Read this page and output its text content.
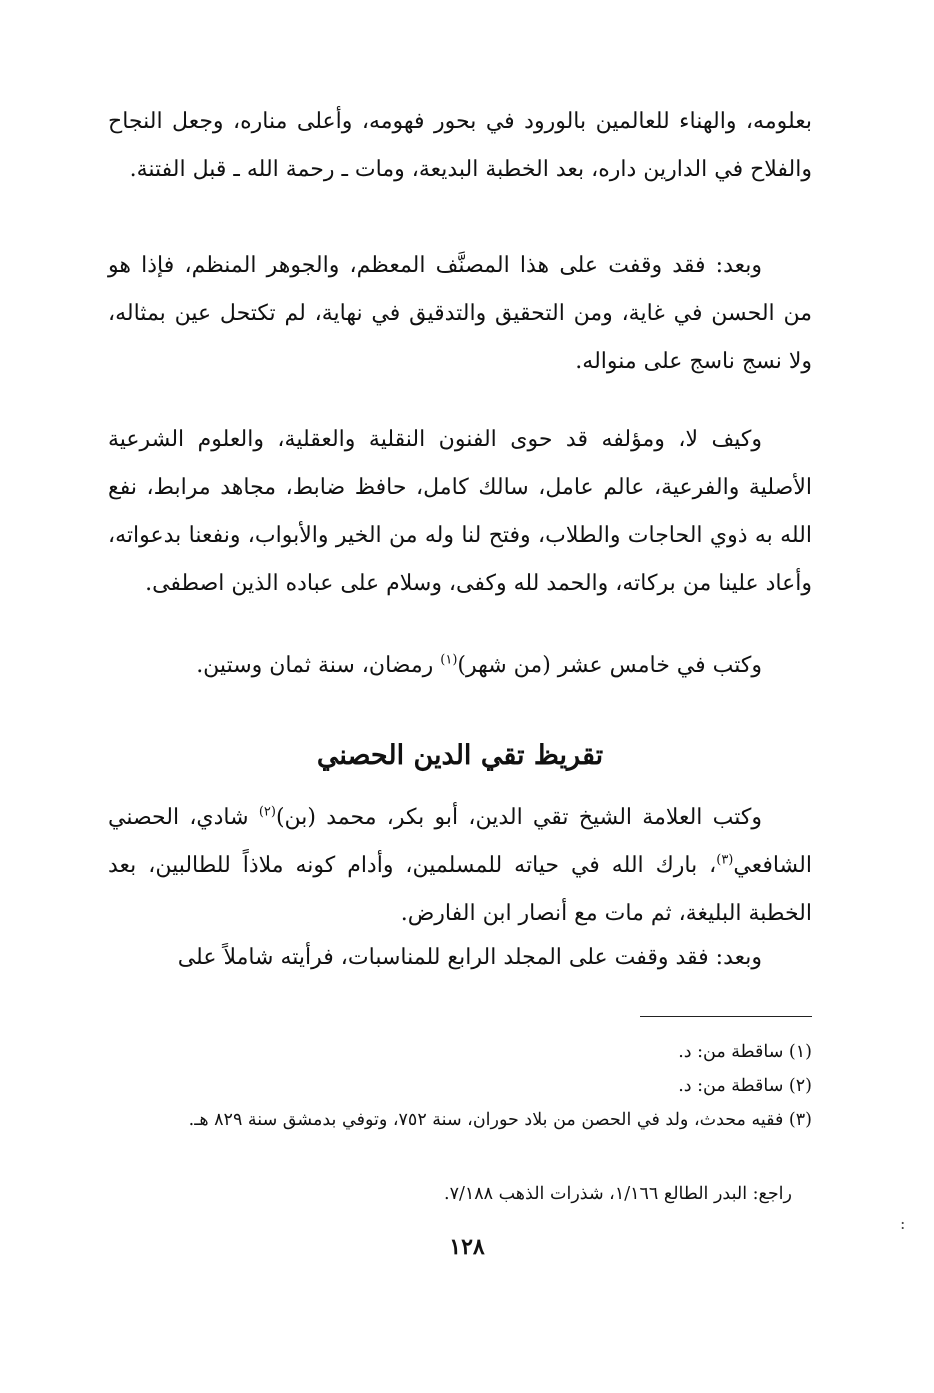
بعلومه، والهناء للعالمين بالورود في بحور فهومه، وأعلى مناره، وجعل النجاح والفلاح في الدارين داره، بعد الخطبة البديعة، ومات ـ رحمة الله ـ قبل الفتنة.

وبعد: فقد وقفت على هذا المصنَّف المعظم، والجوهر المنظم، فإذا هو من الحسن في غاية، ومن التحقيق والتدقيق في نهاية، لم تكتحل عين بمثاله، ولا نسج ناسج على منواله.

وكيف لا، ومؤلفه قد حوى الفنون النقلية والعقلية، والعلوم الشرعية الأصلية والفرعية، عالم عامل، سالك كامل، حافظ ضابط، مجاهد مرابط، نفع الله به ذوي الحاجات والطلاب، وفتح لنا وله من الخير والأبواب، ونفعنا بدعواته، وأعاد علينا من بركاته، والحمد لله وكفى، وسلام على عباده الذين اصطفى.

وكتب في خامس عشر (من شهر)$^{(١)}$ رمضان، سنة ثمان وستين.

تقريظ تقي الدين الحصني

وكتب العلامة الشيخ تقي الدين، أبو بكر، محمد (بن)$^{(٢)}$ شادي، الحصني الشافعي$^{(٣)}$، بارك الله في حياته للمسلمين، وأدام كونه ملاذاً للطالبين، بعد الخطبة البليغة، ثم مات مع أنصار ابن الفارض.

وبعد: فقد وقفت على المجلد الرابع للمناسبات، فرأيته شاملاً على

(١) ساقطة من: د.

(٢) ساقطة من: د.

(٣) فقيه محدث، ولد في الحصن من بلاد حوران، سنة ٧٥٢، وتوفي بدمشق سنة ٨٢٩ هـ.

راجع: البدر الطالع ١/١٦٦، شذرات الذهب ٧/١٨٨.

١٢٨

:
